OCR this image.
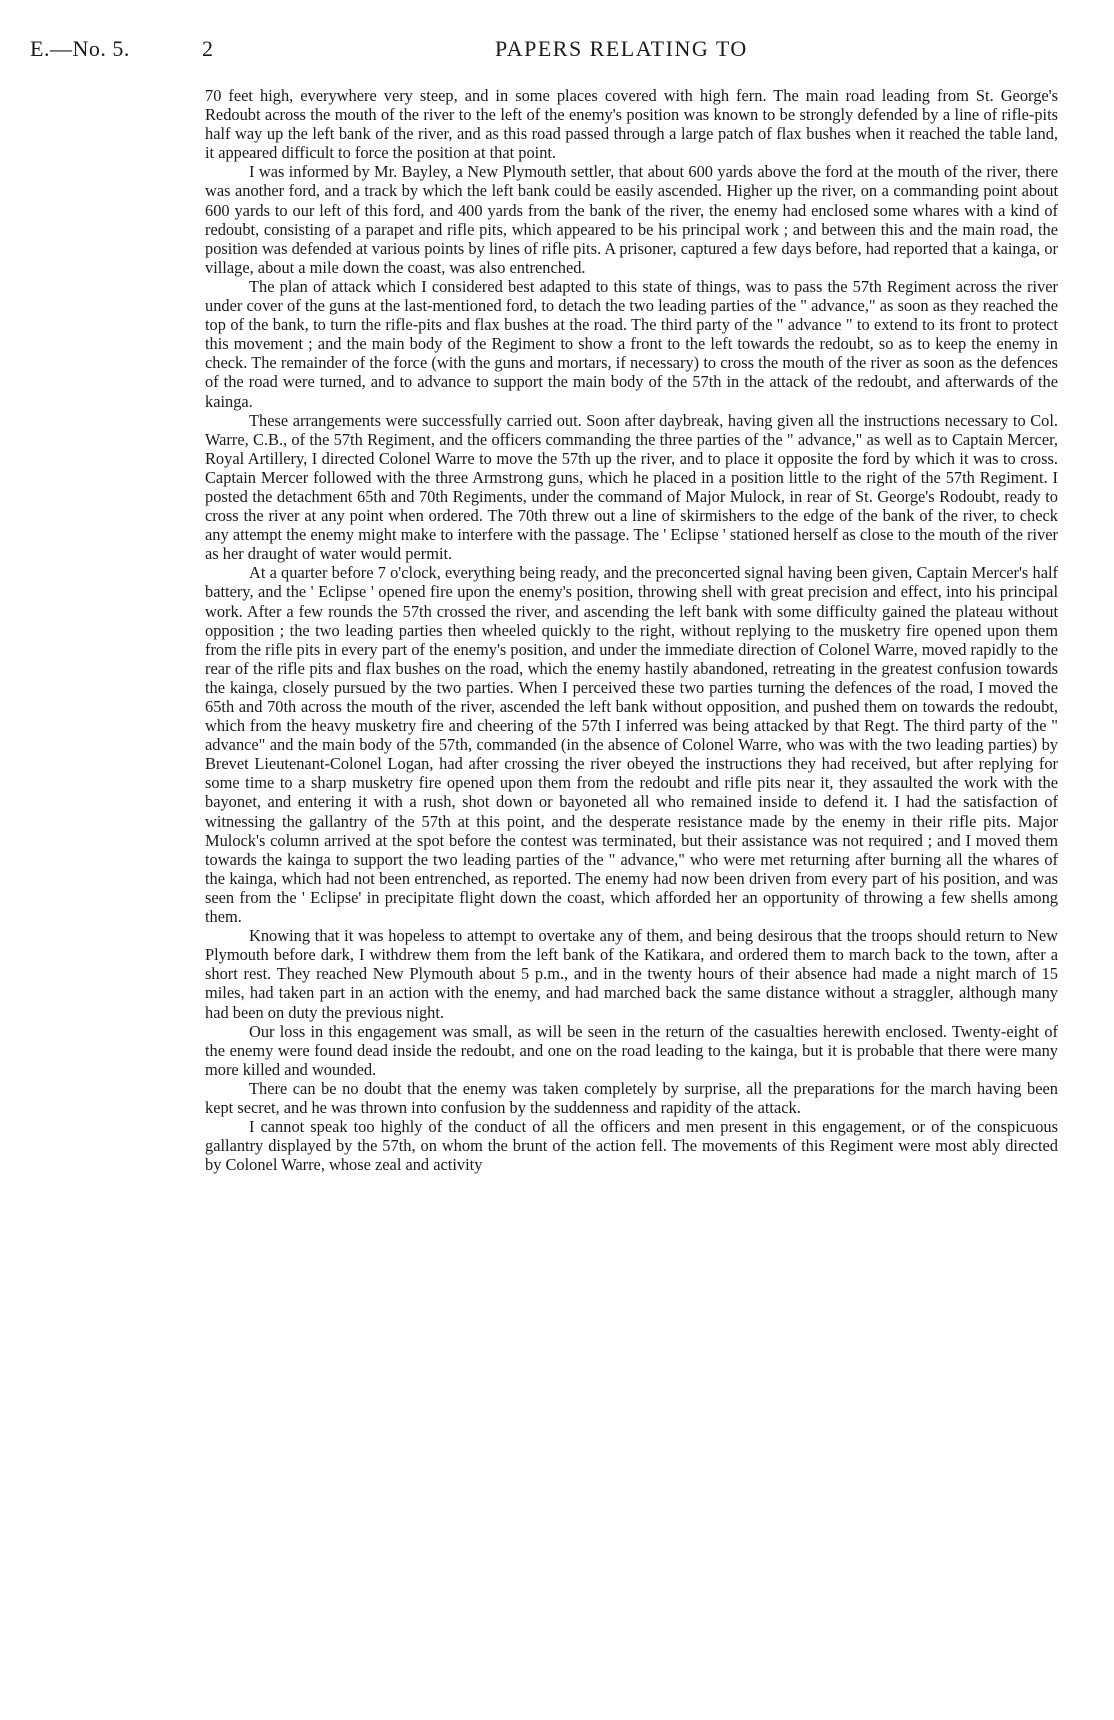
E.—No. 5.	2	PAPERS RELATING TO

70 feet high, everywhere very steep, and in some places covered with high fern. The main road leading from St. George's Redoubt across the mouth of the river to the left of the enemy's position was known to be strongly defended by a line of rifle-pits half way up the left bank of the river, and as this road passed through a large patch of flax bushes when it reached the table land, it appeared difficult to force the position at that point.

I was informed by Mr. Bayley, a New Plymouth settler, that about 600 yards above the ford at the mouth of the river, there was another ford, and a track by which the left bank could be easily ascended. Higher up the river, on a commanding point about 600 yards to our left of this ford, and 400 yards from the bank of the river, the enemy had enclosed some whares with a kind of redoubt, consisting of a parapet and rifle pits, which appeared to be his principal work ; and between this and the main road, the position was defended at various points by lines of rifle pits. A prisoner, captured a few days before, had reported that a kainga, or village, about a mile down the coast, was also entrenched.

The plan of attack which I considered best adapted to this state of things, was to pass the 57th Regiment across the river under cover of the guns at the last-mentioned ford, to detach the two leading parties of the " advance," as soon as they reached the top of the bank, to turn the rifle-pits and flax bushes at the road. The third party of the " advance " to extend to its front to protect this movement ; and the main body of the Regiment to show a front to the left towards the redoubt, so as to keep the enemy in check. The remainder of the force (with the guns and mortars, if necessary) to cross the mouth of the river as soon as the defences of the road were turned, and to advance to support the main body of the 57th in the attack of the redoubt, and afterwards of the kainga.

These arrangements were successfully carried out. Soon after daybreak, having given all the instructions necessary to Col. Warre, C.B., of the 57th Regiment, and the officers commanding the three parties of the " advance," as well as to Captain Mercer, Royal Artillery, I directed Colonel Warre to move the 57th up the river, and to place it opposite the ford by which it was to cross. Captain Mercer followed with the three Armstrong guns, which he placed in a position little to the right of the 57th Regiment. I posted the detachment 65th and 70th Regiments, under the command of Major Mulock, in rear of St. George's Rodoubt, ready to cross the river at any point when ordered. The 70th threw out a line of skirmishers to the edge of the bank of the river, to check any attempt the enemy might make to interfere with the passage. The ' Eclipse ' stationed herself as close to the mouth of the river as her draught of water would permit.

At a quarter before 7 o'clock, everything being ready, and the preconcerted signal having been given, Captain Mercer's half battery, and the ' Eclipse ' opened fire upon the enemy's position, throwing shell with great precision and effect, into his principal work. After a few rounds the 57th crossed the river, and ascending the left bank with some difficulty gained the plateau without opposition ; the two leading parties then wheeled quickly to the right, without replying to the musketry fire opened upon them from the rifle pits in every part of the enemy's position, and under the immediate direction of Colonel Warre, moved rapidly to the rear of the rifle pits and flax bushes on the road, which the enemy hastily abandoned, retreating in the greatest confusion towards the kainga, closely pursued by the two parties. When I perceived these two parties turning the defences of the road, I moved the 65th and 70th across the mouth of the river, ascended the left bank without opposition, and pushed them on towards the redoubt, which from the heavy musketry fire and cheering of the 57th I inferred was being attacked by that Regt. The third party of the " advance" and the main body of the 57th, commanded (in the absence of Colonel Warre, who was with the two leading parties) by Brevet Lieutenant-Colonel Logan, had after crossing the river obeyed the instructions they had received, but after replying for some time to a sharp musketry fire opened upon them from the redoubt and rifle pits near it, they assaulted the work with the bayonet, and entering it with a rush, shot down or bayoneted all who remained inside to defend it. I had the satisfaction of witnessing the gallantry of the 57th at this point, and the desperate resistance made by the enemy in their rifle pits. Major Mulock's column arrived at the spot before the contest was terminated, but their assistance was not required ; and I moved them towards the kainga to support the two leading parties of the " advance," who were met returning after burning all the whares of the kainga, which had not been entrenched, as reported. The enemy had now been driven from every part of his position, and was seen from the ' Eclipse' in precipitate flight down the coast, which afforded her an opportunity of throwing a few shells among them.

Knowing that it was hopeless to attempt to overtake any of them, and being desirous that the troops should return to New Plymouth before dark, I withdrew them from the left bank of the Katikara, and ordered them to march back to the town, after a short rest. They reached New Plymouth about 5 p.m., and in the twenty hours of their absence had made a night march of 15 miles, had taken part in an action with the enemy, and had marched back the same distance without a straggler, although many had been on duty the previous night.

Our loss in this engagement was small, as will be seen in the return of the casualties herewith enclosed. Twenty-eight of the enemy were found dead inside the redoubt, and one on the road leading to the kainga, but it is probable that there were many more killed and wounded.

There can be no doubt that the enemy was taken completely by surprise, all the preparations for the march having been kept secret, and he was thrown into confusion by the suddenness and rapidity of the attack.

I cannot speak too highly of the conduct of all the officers and men present in this engagement, or of the conspicuous gallantry displayed by the 57th, on whom the brunt of the action fell. The movements of this Regiment were most ably directed by Colonel Warre, whose zeal and activity
